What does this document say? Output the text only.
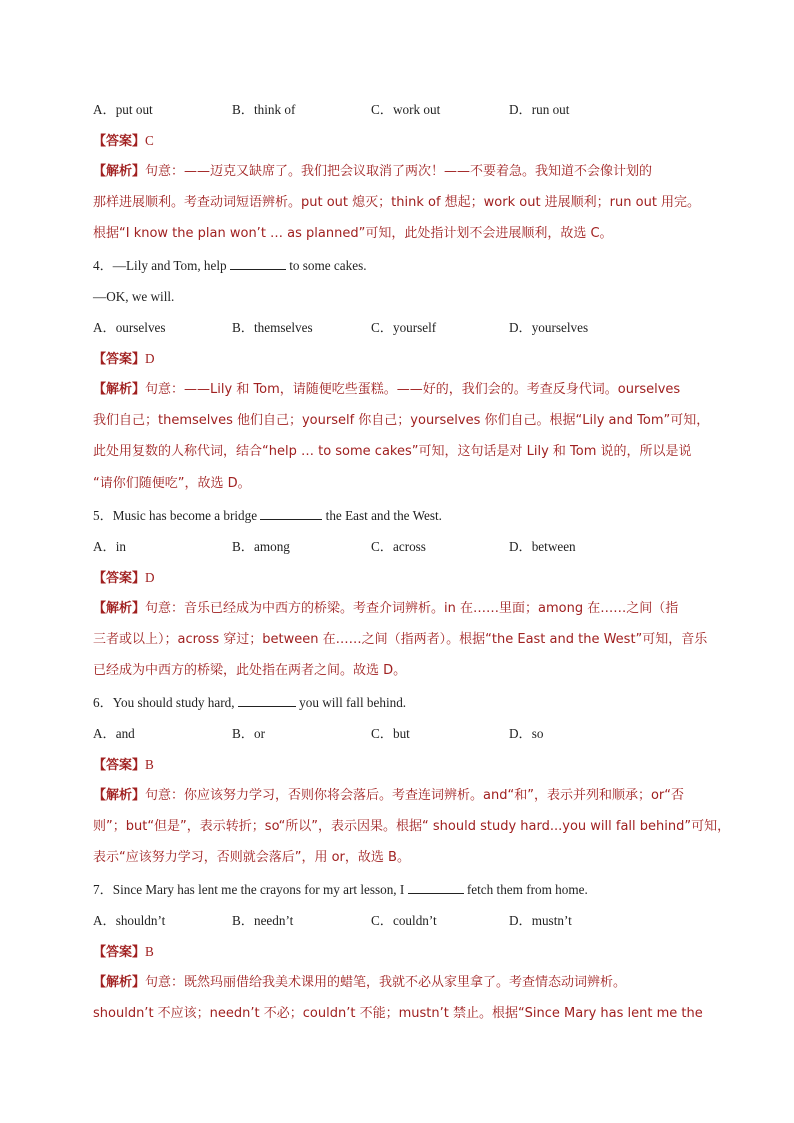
A．put out	B．think of	C．work out	D．run out
【答案】C
【解析】句意：——迈克又缺席了。我们把会议取消了两次！——不要着急。我知道不会像计划的
那样进展顺利。考查动词短语辨析。put out 熄灭；think of 想起；work out 进展顺利；run out 用完。
根据“I know the plan won’t … as planned”可知，此处指计划不会进展顺利，故选 C。
4．—Lily and Tom, help	to some cakes.
—OK, we will.
A．ourselves	B．themselves	C．yourself	D．yourselves
【答案】D
【解析】句意：——Lily 和 Tom，请随便吃些蛋糕。——好的，我们会的。考查反身代词。ourselves
我们自己；themselves 他们自己；yourself 你自己；yourselves 你们自己。根据“Lily and Tom”可知，
此处用复数的人称代词，结合“help … to some cakes”可知，这句话是对 Lily 和 Tom 说的，所以是说
“请你们随便吃”，故选 D。
5．Music has become a bridge	the East and the West.
A．in	B．among	C．across	D．between
【答案】D
【解析】句意：音乐已经成为中西方的桥梁。考查介词辨析。in 在……里面；among 在……之间（指
三者或以上）；across 穿过；between 在……之间（指两者）。根据“the East and the West”可知，音乐
已经成为中西方的桥梁，此处指在两者之间。故选 D。
6．You should study hard,	you will fall behind.
A．and	B．or	C．but	D．so
【答案】B
【解析】句意：你应该努力学习，否则你将会落后。考查连词辨析。and“和”，表示并列和顺承；or“否
则”；but“但是”，表示转折；so“所以”，表示因果。根据“ should study hard...you will fall behind”可知，
表示“应该努力学习，否则就会落后”，用 or，故选 B。
7．Since Mary has lent me the crayons for my art lesson, I	fetch them from home.
A．shouldn’t	B．needn’t	C．couldn’t	D．mustn’t
【答案】B
【解析】句意：既然玛丽借给我美术课用的蜡笔，我就不必从家里拿了。考查情态动词辨析。
shouldn’t 不应该；needn’t 不必；couldn’t 不能；mustn’t 禁止。根据“Since Mary has lent me the
